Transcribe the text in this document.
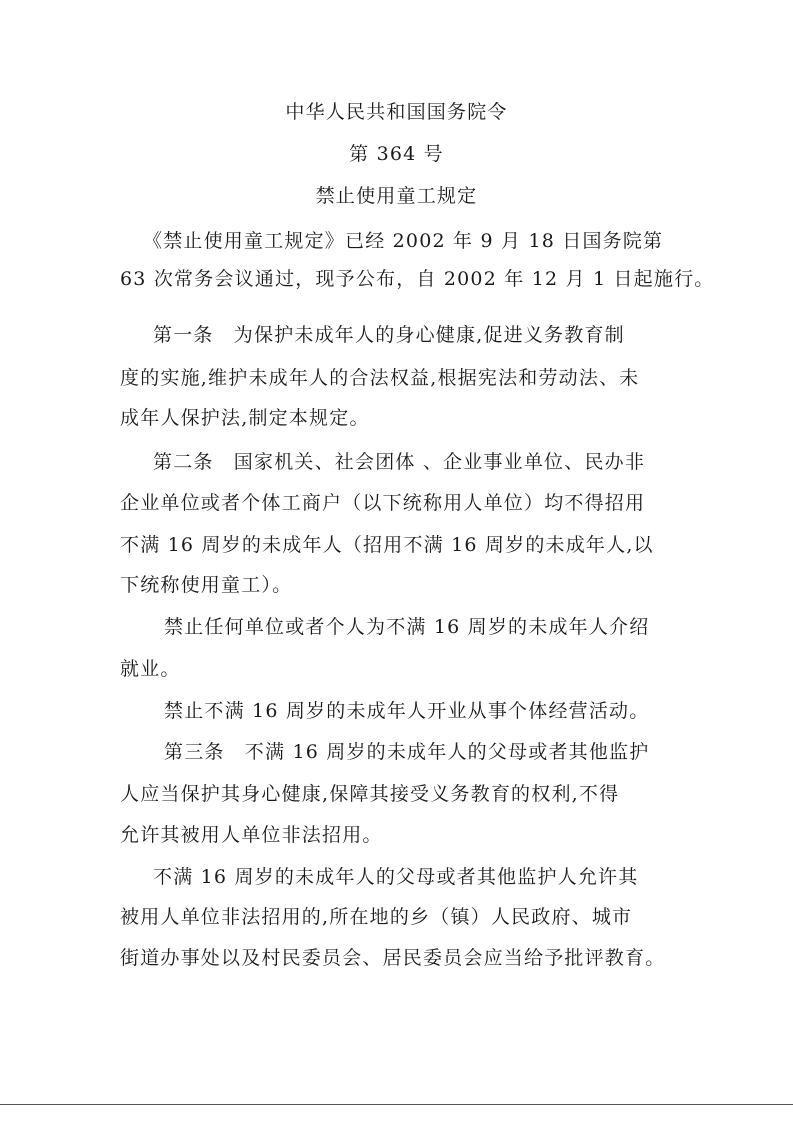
中华人民共和国国务院令
第 364 号
禁止使用童工规定
《禁止使用童工规定》已经 2002 年 9 月 18 日国务院第
63 次常务会议通过，现予公布，自 2002 年 12 月 1 日起施行。
第一条　为保护未成年人的身心健康,促进义务教育制
度的实施,维护未成年人的合法权益,根据宪法和劳动法、未
成年人保护法,制定本规定。
第二条　国家机关、社会团体 、企业事业单位、民办非
企业单位或者个体工商户（以下统称用人单位）均不得招用
不满 16 周岁的未成年人（招用不满 16 周岁的未成年人,以
下统称使用童工）。
禁止任何单位或者个人为不满 16 周岁的未成年人介绍
就业。
禁止不满 16 周岁的未成年人开业从事个体经营活动。
第三条　不满 16 周岁的未成年人的父母或者其他监护
人应当保护其身心健康,保障其接受义务教育的权利,不得
允许其被用人单位非法招用。
不满 16 周岁的未成年人的父母或者其他监护人允许其
被用人单位非法招用的,所在地的乡（镇）人民政府、城市
街道办事处以及村民委员会、居民委员会应当给予批评教育。
